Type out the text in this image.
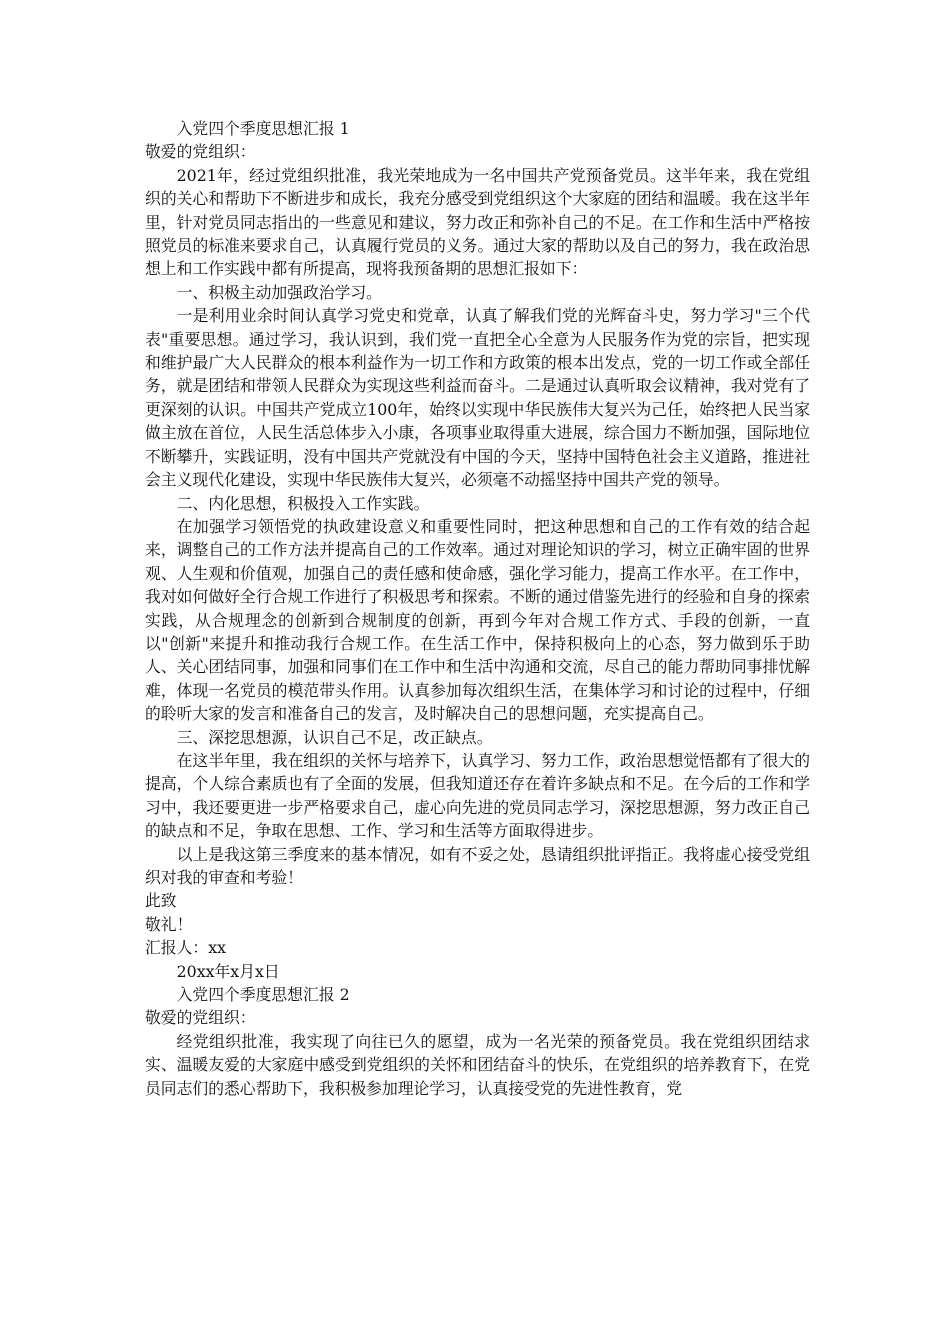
入党四个季度思想汇报 1

敬爱的党组织：

2021年，经过党组织批准，我光荣地成为一名中国共产党预备党员。这半年来，我在党组织的关心和帮助下不断进步和成长，我充分感受到党组织这个大家庭的团结和温暖。我在这半年里，针对党员同志指出的一些意见和建议，努力改正和弥补自己的不足。在工作和生活中严格按照党员的标准来要求自己，认真履行党员的义务。通过大家的帮助以及自己的努力，我在政治思想上和工作实践中都有所提高，现将我预备期的思想汇报如下：

一、积极主动加强政治学习。

一是利用业余时间认真学习党史和党章，认真了解我们党的光辉奋斗史，努力学习"三个代表"重要思想。通过学习，我认识到，我们党一直把全心全意为人民服务作为党的宗旨，把实现和维护最广大人民群众的根本利益作为一切工作和方政策的根本出发点，党的一切工作或全部任务，就是团结和带领人民群众为实现这些利益而奋斗。二是通过认真听取会议精神，我对党有了更深刻的认识。中国共产党成立100年，始终以实现中华民族伟大复兴为己任，始终把人民当家做主放在首位，人民生活总体步入小康，各项事业取得重大进展，综合国力不断加强，国际地位不断攀升，实践证明，没有中国共产党就没有中国的今天，坚持中国特色社会主义道路，推进社会主义现代化建设，实现中华民族伟大复兴，必须毫不动摇坚持中国共产党的领导。

二、内化思想，积极投入工作实践。

在加强学习领悟党的执政建设意义和重要性同时，把这种思想和自己的工作有效的结合起来，调整自己的工作方法并提高自己的工作效率。通过对理论知识的学习，树立正确牢固的世界观、人生观和价值观，加强自己的责任感和使命感，强化学习能力，提高工作水平。在工作中，我对如何做好全行合规工作进行了积极思考和探索。不断的通过借鉴先进行的经验和自身的探索实践，从合规理念的创新到合规制度的创新，再到今年对合规工作方式、手段的创新，一直以"创新"来提升和推动我行合规工作。在生活工作中，保持积极向上的心态，努力做到乐于助人、关心团结同事，加强和同事们在工作中和生活中沟通和交流，尽自己的能力帮助同事排忧解难，体现一名党员的模范带头作用。认真参加每次组织生活，在集体学习和讨论的过程中，仔细的聆听大家的发言和准备自己的发言，及时解决自己的思想问题，充实提高自己。

三、深挖思想源，认识自己不足，改正缺点。

在这半年里，我在组织的关怀与培养下，认真学习、努力工作，政治思想觉悟都有了很大的提高，个人综合素质也有了全面的发展，但我知道还存在着许多缺点和不足。在今后的工作和学习中，我还要更进一步严格要求自己，虚心向先进的党员同志学习，深挖思想源，努力改正自己的缺点和不足，争取在思想、工作、学习和生活等方面取得进步。

以上是我这第三季度来的基本情况，如有不妥之处，恳请组织批评指正。我将虚心接受党组织对我的审查和考验！

此致

敬礼！

汇报人：xx

20xx年x月x日

入党四个季度思想汇报 2

敬爱的党组织：

经党组织批准，我实现了向往已久的愿望，成为一名光荣的预备党员。我在党组织团结求实、温暖友爱的大家庭中感受到党组织的关怀和团结奋斗的快乐，在党组织的培养教育下，在党员同志们的悉心帮助下，我积极参加理论学习，认真接受党的先进性教育，党
